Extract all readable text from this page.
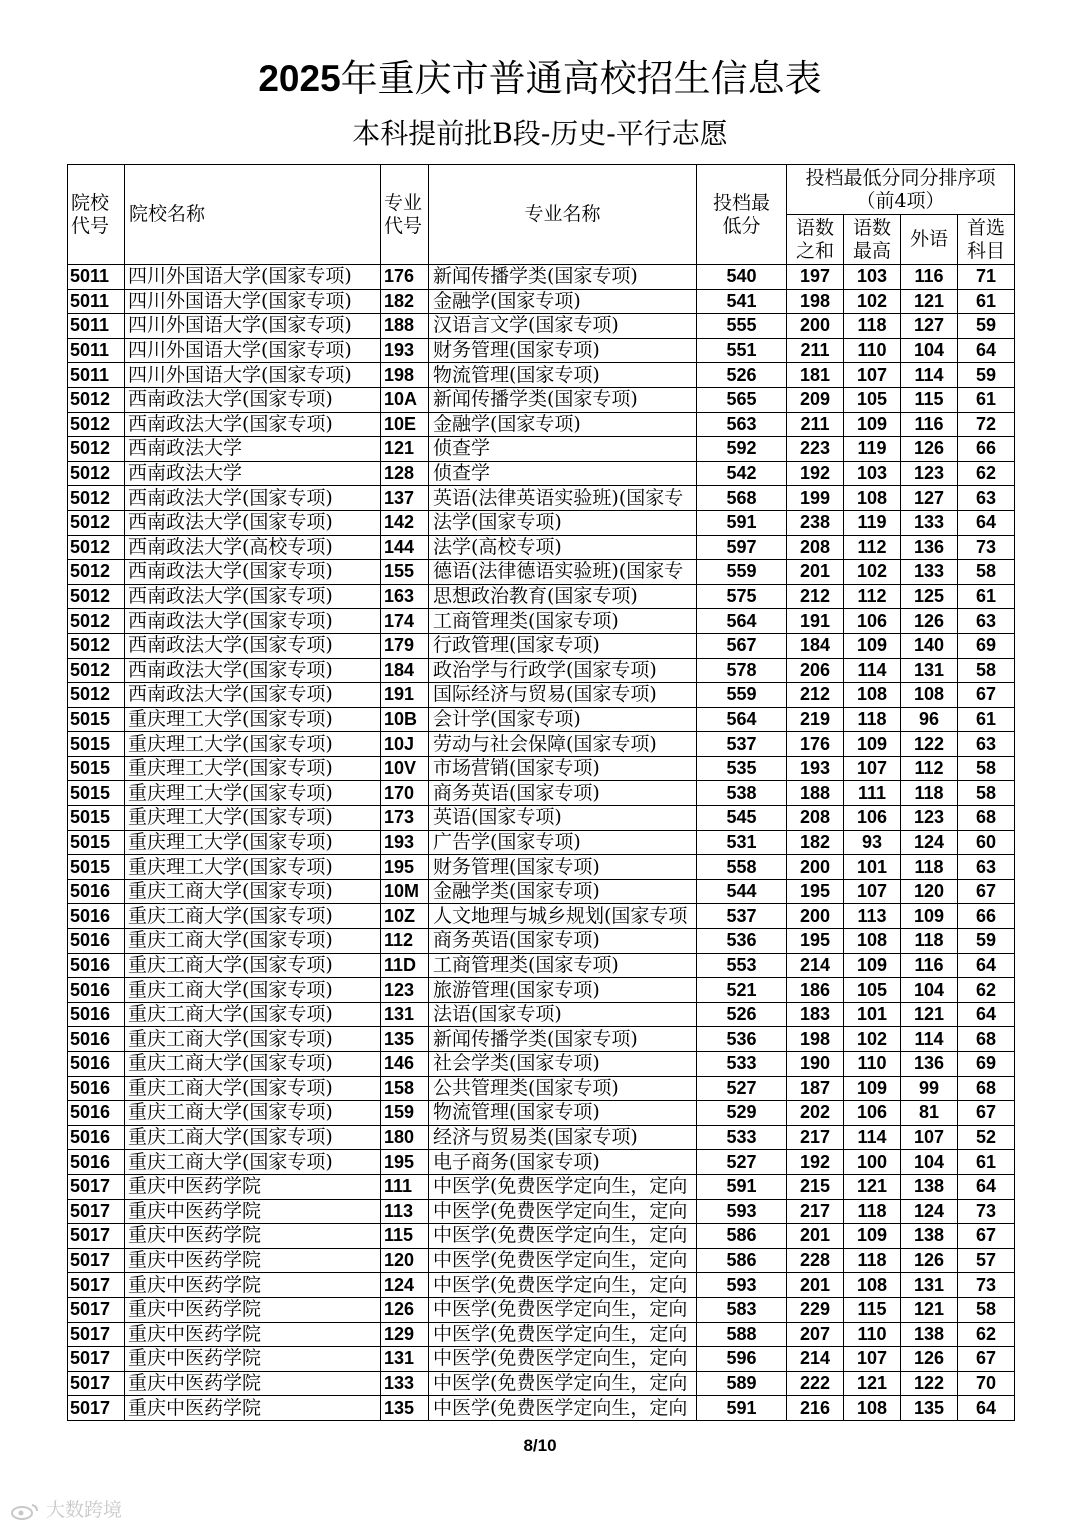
2025年重庆市普通高校招生信息表
本科提前批B段-历史-平行志愿
院校代号	院校名称	专业代号	专业名称	投档最低分	投档最低分同分排序项（前4项）			

					语数之和	语数最高	外语	首选科目

5011	四川外国语大学(国家专项)	176	新闻传播学类(国家专项)	540	197	103	116	71
5011	四川外国语大学(国家专项)	182	金融学(国家专项)	541	198	102	121	61
5011	四川外国语大学(国家专项)	188	汉语言文学(国家专项)	555	200	118	127	59
5011	四川外国语大学(国家专项)	193	财务管理(国家专项)	551	211	110	104	64
5011	四川外国语大学(国家专项)	198	物流管理(国家专项)	526	181	107	114	59
5012	西南政法大学(国家专项)	10A	新闻传播学类(国家专项)	565	209	105	115	61
5012	西南政法大学(国家专项)	10E	金融学(国家专项)	563	211	109	116	72
5012	西南政法大学	121	侦查学	592	223	119	126	66
5012	西南政法大学	128	侦查学	542	192	103	123	62
5012	西南政法大学(国家专项)	137	英语(法律英语实验班)(国家专	568	199	108	127	63
5012	西南政法大学(国家专项)	142	法学(国家专项)	591	238	119	133	64
5012	西南政法大学(高校专项)	144	法学(高校专项)	597	208	112	136	73
5012	西南政法大学(国家专项)	155	德语(法律德语实验班)(国家专	559	201	102	133	58
5012	西南政法大学(国家专项)	163	思想政治教育(国家专项)	575	212	112	125	61
5012	西南政法大学(国家专项)	174	工商管理类(国家专项)	564	191	106	126	63
5012	西南政法大学(国家专项)	179	行政管理(国家专项)	567	184	109	140	69
5012	西南政法大学(国家专项)	184	政治学与行政学(国家专项)	578	206	114	131	58
5012	西南政法大学(国家专项)	191	国际经济与贸易(国家专项)	559	212	108	108	67
5015	重庆理工大学(国家专项)	10B	会计学(国家专项)	564	219	118	96	61
5015	重庆理工大学(国家专项)	10J	劳动与社会保障(国家专项)	537	176	109	122	63
5015	重庆理工大学(国家专项)	10V	市场营销(国家专项)	535	193	107	112	58
5015	重庆理工大学(国家专项)	170	商务英语(国家专项)	538	188	111	118	58
5015	重庆理工大学(国家专项)	173	英语(国家专项)	545	208	106	123	68
5015	重庆理工大学(国家专项)	193	广告学(国家专项)	531	182	93	124	60
5015	重庆理工大学(国家专项)	195	财务管理(国家专项)	558	200	101	118	63
5016	重庆工商大学(国家专项)	10M	金融学类(国家专项)	544	195	107	120	67
5016	重庆工商大学(国家专项)	10Z	人文地理与城乡规划(国家专项	537	200	113	109	66
5016	重庆工商大学(国家专项)	112	商务英语(国家专项)	536	195	108	118	59
5016	重庆工商大学(国家专项)	11D	工商管理类(国家专项)	553	214	109	116	64
5016	重庆工商大学(国家专项)	123	旅游管理(国家专项)	521	186	105	104	62
5016	重庆工商大学(国家专项)	131	法语(国家专项)	526	183	101	121	64
5016	重庆工商大学(国家专项)	135	新闻传播学类(国家专项)	536	198	102	114	68
5016	重庆工商大学(国家专项)	146	社会学类(国家专项)	533	190	110	136	69
5016	重庆工商大学(国家专项)	158	公共管理类(国家专项)	527	187	109	99	68
5016	重庆工商大学(国家专项)	159	物流管理(国家专项)	529	202	106	81	67
5016	重庆工商大学(国家专项)	180	经济与贸易类(国家专项)	533	217	114	107	52
5016	重庆工商大学(国家专项)	195	电子商务(国家专项)	527	192	100	104	61
5017	重庆中医药学院	111	中医学(免费医学定向生，定向	591	215	121	138	64
5017	重庆中医药学院	113	中医学(免费医学定向生，定向	593	217	118	124	73
5017	重庆中医药学院	115	中医学(免费医学定向生，定向	586	201	109	138	67
5017	重庆中医药学院	120	中医学(免费医学定向生，定向	586	228	118	126	57
5017	重庆中医药学院	124	中医学(免费医学定向生，定向	593	201	108	131	73
5017	重庆中医药学院	126	中医学(免费医学定向生，定向	583	229	115	121	58
5017	重庆中医药学院	129	中医学(免费医学定向生，定向	588	207	110	138	62
5017	重庆中医药学院	131	中医学(免费医学定向生，定向	596	214	107	126	67
5017	重庆中医药学院	133	中医学(免费医学定向生，定向	589	222	121	122	70
5017	重庆中医药学院	135	中医学(免费医学定向生，定向	591	216	108	135	64
8/10
大数跨境
